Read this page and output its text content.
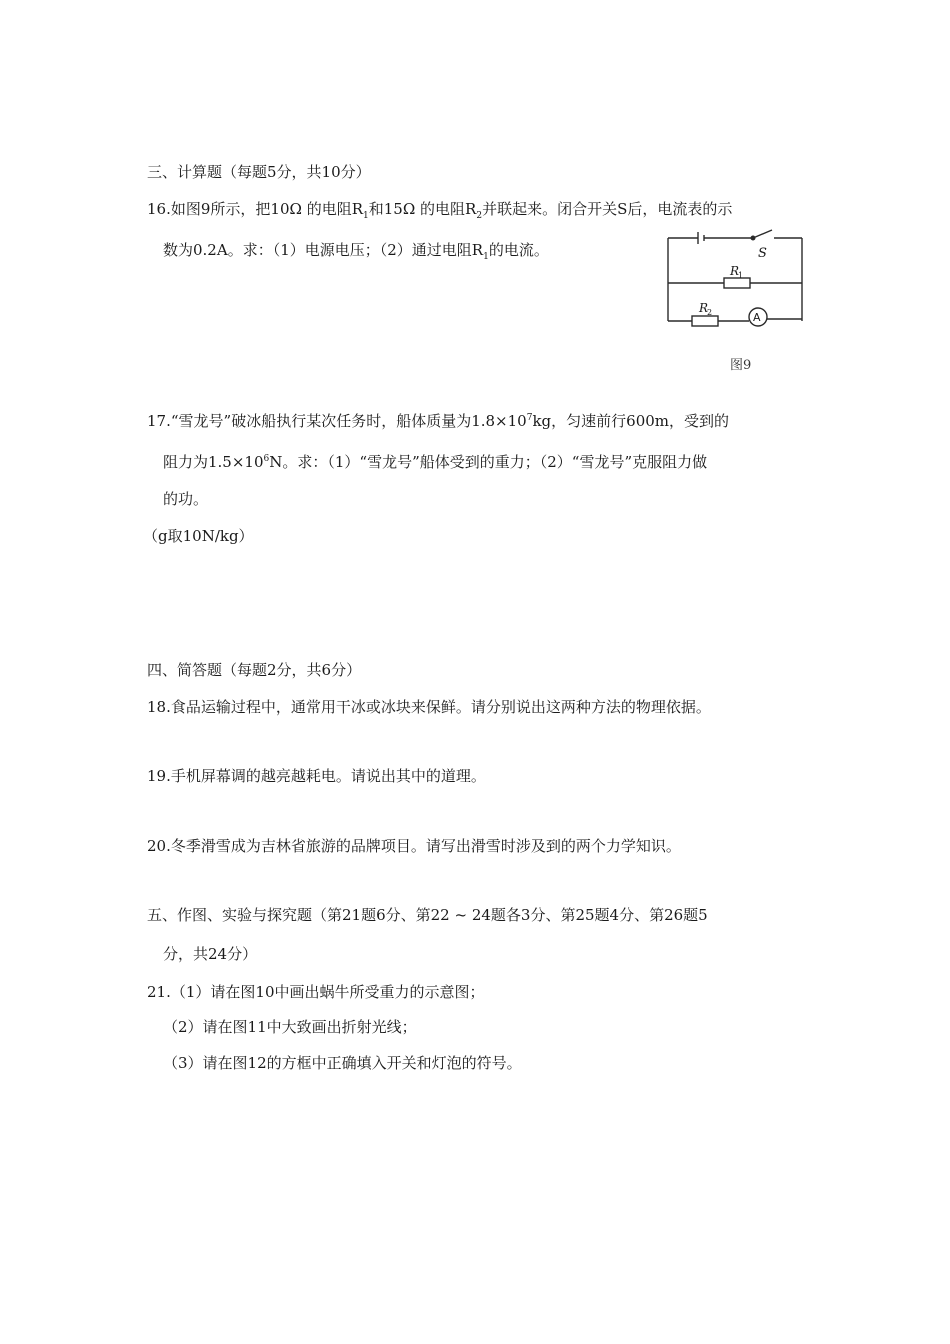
三、计算题（每题5分，共10分）
16.如图9所示，把10Ω 的电阻$R_1$和15Ω 的电阻$R_2$并联起来。闭合开关S后，电流表的示
数为0.2A。求：（1）电源电压；（2）通过电阻$R_1$的电流。	S
R
1
R
2	A
图9
17.“雪龙号”破冰船执行某次任务时，船体质量为$1.8\times 10^7kg$，匀速前行600m，受到的
阻力为$1.5\times 10^6N$。求：（1）“雪龙号”船体受到的重力；（2）“雪龙号”克服阻力做
的功。
（g取10N/kg）
四、简答题（每题2分，共6分）
18.食品运输过程中，通常用干冰或冰块来保鲜。请分别说出这两种方法的物理依据。
19.手机屏幕调的越亮越耗电。请说出其中的道理。
20.冬季滑雪成为吉林省旅游的品牌项目。请写出滑雪时涉及到的两个力学知识。
五、作图、实验与探究题（第21题6分、第22 ~ 24题各3分、第25题4分、第26题5
分，共24分）
21.（1）请在图10中画出蜗牛所受重力的示意图；
（2）请在图11中大致画出折射光线；
（3）请在图12的方框中正确填入开关和灯泡的符号。
